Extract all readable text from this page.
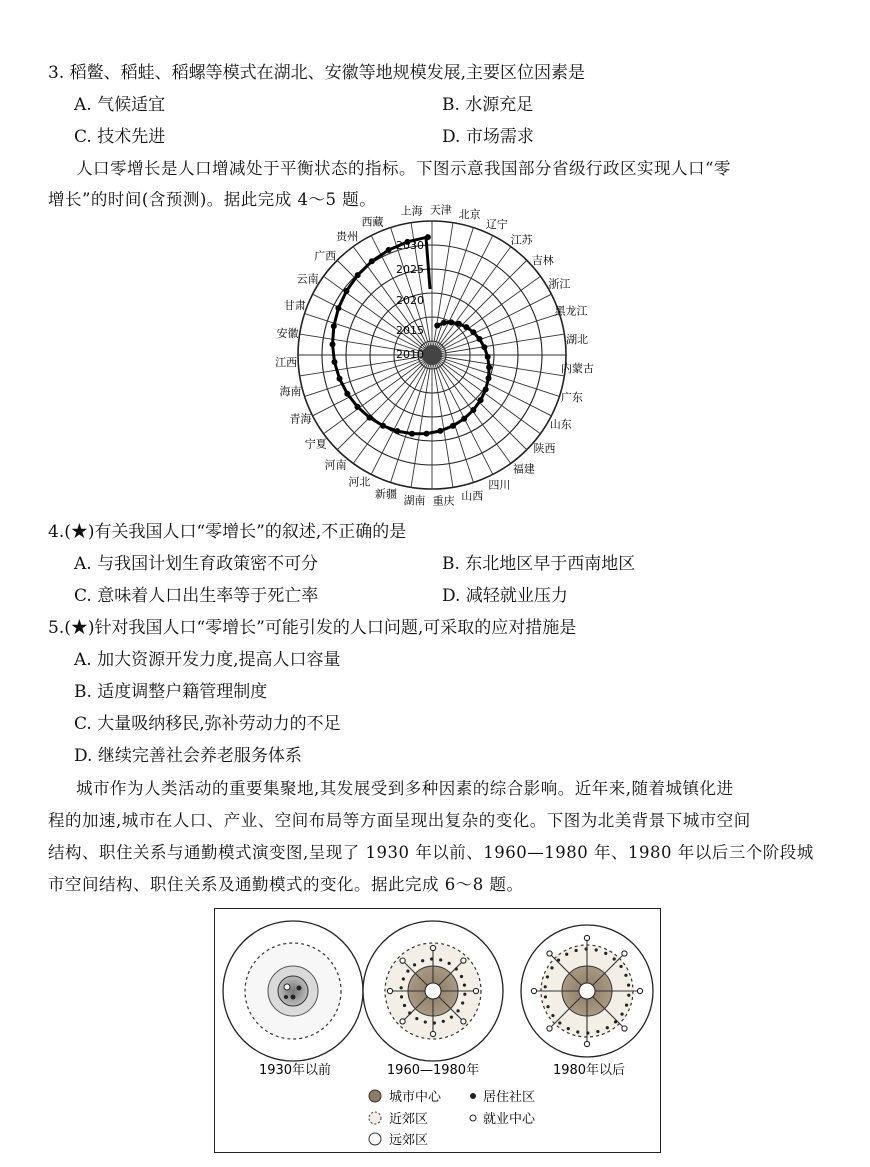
3. 稻鳖、稻蛙、稻螺等模式在湖北、安徽等地规模发展,主要区位因素是
A. 气候适宜	B. 水源充足
C. 技术先进	D. 市场需求
人口零增长是人口增减处于平衡状态的指标。下图示意我国部分省级行政区实现人口“零
增长”的时间(含预测)。据此完成 4～5 题。
2010
2015
2020
2025
2030
上海 天津 北京
辽宁
江苏
吉林
浙江
黑龙江
湖北
内蒙古
广东
山东
陕西
福建
四川
山西
重庆
湖南
新疆
河北
河南
宁夏
青海
海南
江西
安徽
甘肃
云南
广西
贵州
西藏
4.(★)有关我国人口“零增长”的叙述,不正确的是
A. 与我国计划生育政策密不可分	B. 东北地区早于西南地区
C. 意味着人口出生率等于死亡率	D. 减轻就业压力
5.(★)针对我国人口“零增长”可能引发的人口问题,可采取的应对措施是
A. 加大资源开发力度,提高人口容量
B. 适度调整户籍管理制度
C. 大量吸纳移民,弥补劳动力的不足
D. 继续完善社会养老服务体系
城市作为人类活动的重要集聚地,其发展受到多种因素的综合影响。近年来,随着城镇化进
程的加速,城市在人口、产业、空间布局等方面呈现出复杂的变化。下图为北美背景下城市空间
结构、职住关系与通勤模式演变图,呈现了 1930 年以前、1960—1980 年、1980 年以后三个阶段城
市空间结构、职住关系及通勤模式的变化。据此完成 6～8 题。
1930年以前	1960—1980年	1980年以后
城市中心
近郊区
远郊区
居住社区
就业中心
